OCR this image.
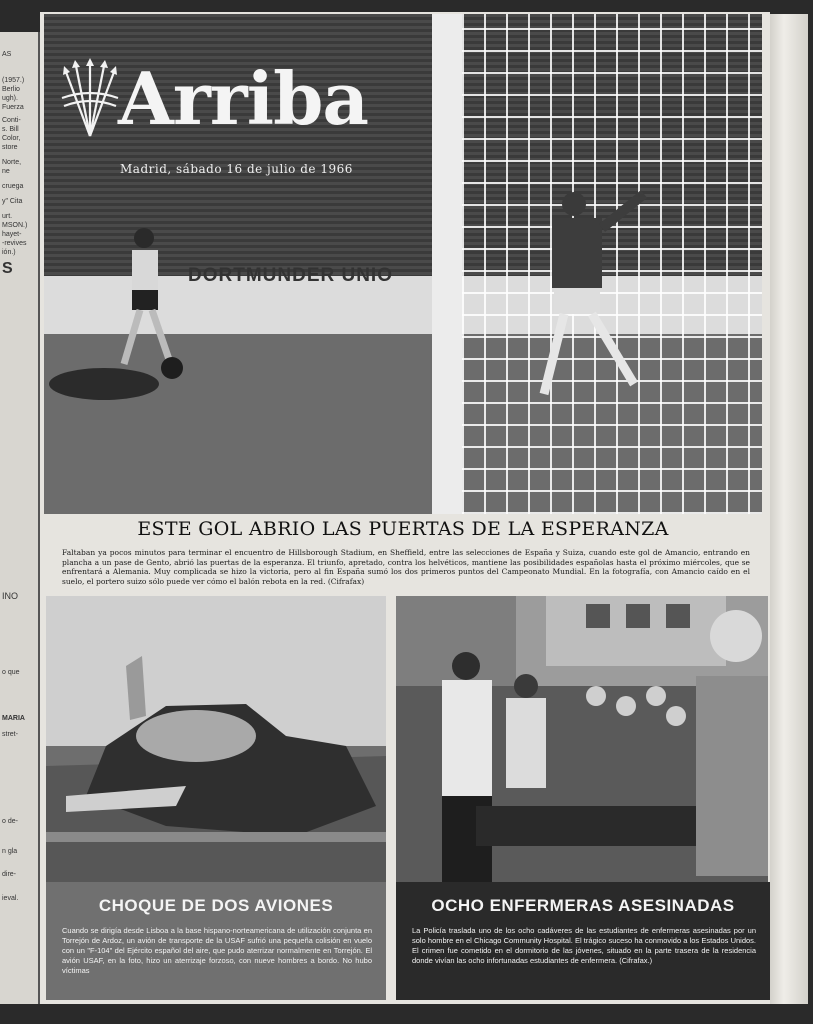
AS
(1957.)
Berlio
ugh).
Fuerza
Conti-
s. Bill
Color,
store
Norte,
ne
cruega
y" Cita
urt.
MSON.)
hayet-
-revives
ión.)
S
INO
o que
MARIA
stret-
o de-
n gla
dire-
ieval.
DORTMUNDER UNIO
Arriba
Madrid, sábado 16 de julio de 1966
ESTE GOL ABRIO LAS PUERTAS DE LA ESPERANZA
Faltaban ya pocos minutos para terminar el encuentro de Hillsborough Stadium, en Sheffield, entre las selecciones de España y Suiza, cuando este gol de Amancio, entrando en plancha a un pase de Gento, abrió las puertas de la esperanza. El triunfo, apretado, contra los helvéticos, mantiene las posibilidades españolas hasta el próximo miércoles, que se enfrentará a Alemania. Muy complicada se hizo la victoria, pero al fin España sumó los dos primeros puntos del Campeonato Mundial. En la fotografía, con Amancio caído en el suelo, el portero suizo sólo puede ver cómo el balón rebota en la red. (Cifrafax)
CHOQUE DE DOS AVIONES
Cuando se dirigía desde Lisboa a la base hispano-norteamericana de utilización conjunta en Torrejón de Ardoz, un avión de transporte de la USAF sufrió una pequeña colisión en vuelo con un "F-104" del Ejército español del aire, que pudo aterrizar normalmente en Torrejón. El avión USAF, en la foto, hizo un aterrizaje forzoso, con nueve hombres a bordo. No hubo víctimas
OCHO ENFERMERAS ASESINADAS
La Policía traslada uno de los ocho cadáveres de las estudiantes de enfermeras asesinadas por un solo hombre en el Chicago Community Hospital. El trágico suceso ha conmovido a los Estados Unidos. El crimen fue cometido en el dormitorio de las jóvenes, situado en la parte trasera de la residencia donde vivían las ocho infortunadas estudiantes de enfermera. (Cifrafax.)
